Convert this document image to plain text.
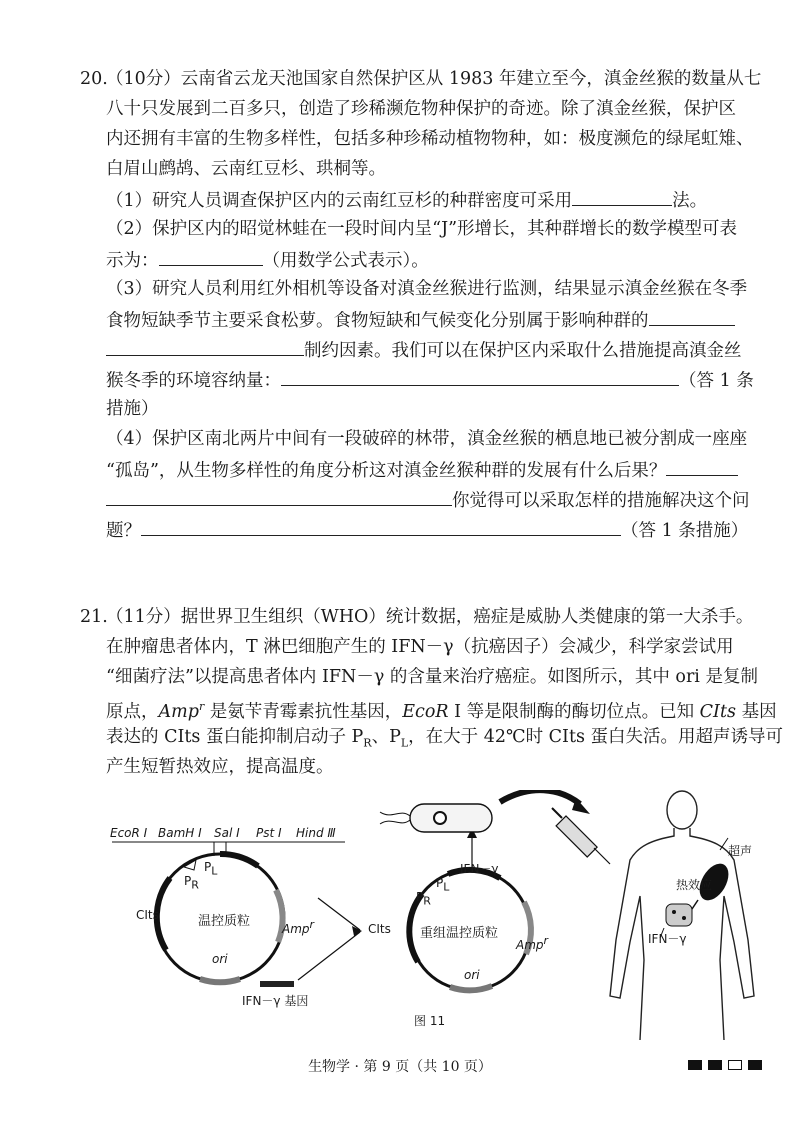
20.（10分）云南省云龙天池国家自然保护区从 1983 年建立至今，滇金丝猴的数量从七
八十只发展到二百多只，创造了珍稀濒危物种保护的奇迹。除了滇金丝猴，保护区
内还拥有丰富的生物多样性，包括多种珍稀动植物物种，如：极度濒危的绿尾虹雉、
白眉山鹧鸪、云南红豆杉、珙桐等。
（1）研究人员调查保护区内的云南红豆杉的种群密度可采用	法。
（2）保护区内的昭觉林蛙在一段时间内呈“J”形增长，其种群增长的数学模型可表
示为：	（用数学公式表示）。
（3）研究人员利用红外相机等设备对滇金丝猴进行监测，结果显示滇金丝猴在冬季
食物短缺季节主要采食松萝。食物短缺和气候变化分别属于影响种群的
制约因素。我们可以在保护区内采取什么措施提高滇金丝
猴冬季的环境容纳量：	（答 1 条
措施）
（4）保护区南北两片中间有一段破碎的林带，滇金丝猴的栖息地已被分割成一座座
“孤岛”，从生物多样性的角度分析这对滇金丝猴种群的发展有什么后果？
你觉得可以采取怎样的措施解决这个问
题？	（答 1 条措施）
21.（11分）据世界卫生组织（WHO）统计数据，癌症是威胁人类健康的第一大杀手。
在肿瘤患者体内，T 淋巴细胞产生的 IFN－γ（抗癌因子）会减少，科学家尝试用
“细菌疗法”以提高患者体内 IFN－γ 的含量来治疗癌症。如图所示，其中 ori 是复制
原点，Amp$^r$ 是氨苄青霉素抗性基因，EcoR I 等是限制酶的酶切位点。已知 CIts 基因
表达的 CIts 蛋白能抑制启动子 $P_R$、$P_L$，在大于 42℃时 CIts 蛋白失活。用超声诱导可
产生短暂热效应，提高温度。
EcoR Ⅰ BamH Ⅰ Sal Ⅰ Pst Ⅰ Hind Ⅲ
温控质粒
CIts
PR
PL
Ampr
ori
IFN－γ 基因
CIts 重组温控质粒
PR
PL
IFN－γ
Ampr
ori
超声
热效应
IFN－γ
图 11
生物学 · 第 9 页（共 10 页）
